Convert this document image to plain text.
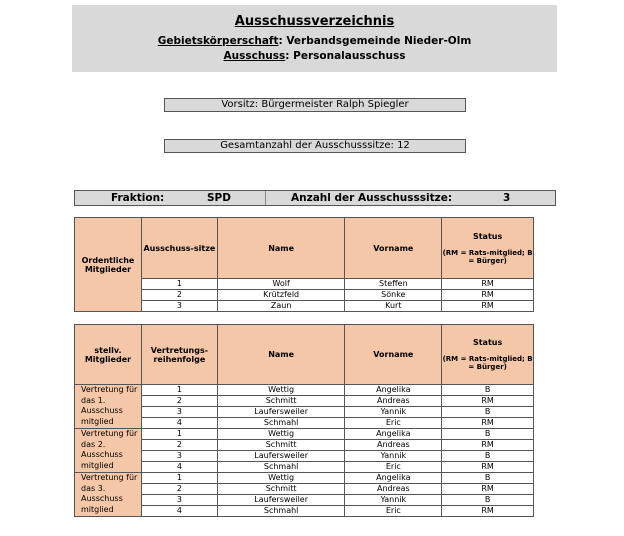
Ausschussverzeichnis
Gebietskörperschaft: Verbandsgemeinde Nieder-Olm
Ausschuss: Personalausschuss
Vorsitz: Bürgermeister Ralph Spiegler
Gesamtanzahl der Ausschusssitze: 12
Fraktion:	SPD	Anzahl der Ausschusssitze:	3
Ordentliche Mitglieder	Ausschuss-sitze	Name	Vorname	Status
(RM = Rats-mitglied; B = Bürger)

	1	Wolf	Steffen	RM
	2	Krützfeld	Sönke	RM
	3	Zaun	Kurt	RM
stellv. Mitglieder	Vertretungs-reihenfolge	Name	Vorname	Status
(RM = Rats-mitglied; B = Bürger)

Vertretung für das 1. Ausschuss mitglied	1	Wettig	Angelika	B
	2	Schmitt	Andreas	RM
	3	Laufersweiler	Yannik	B
	4	Schmahl	Eric	RM
Vertretung für das 2. Ausschuss mitglied	1	Wettig	Angelika	B
	2	Schmitt	Andreas	RM
	3	Laufersweiler	Yannik	B
	4	Schmahl	Eric	RM
Vertretung für das 3. Ausschuss mitglied	1	Wettig	Angelika	B
	2	Schmitt	Andreas	RM
	3	Laufersweiler	Yannik	B
	4	Schmahl	Eric	RM
